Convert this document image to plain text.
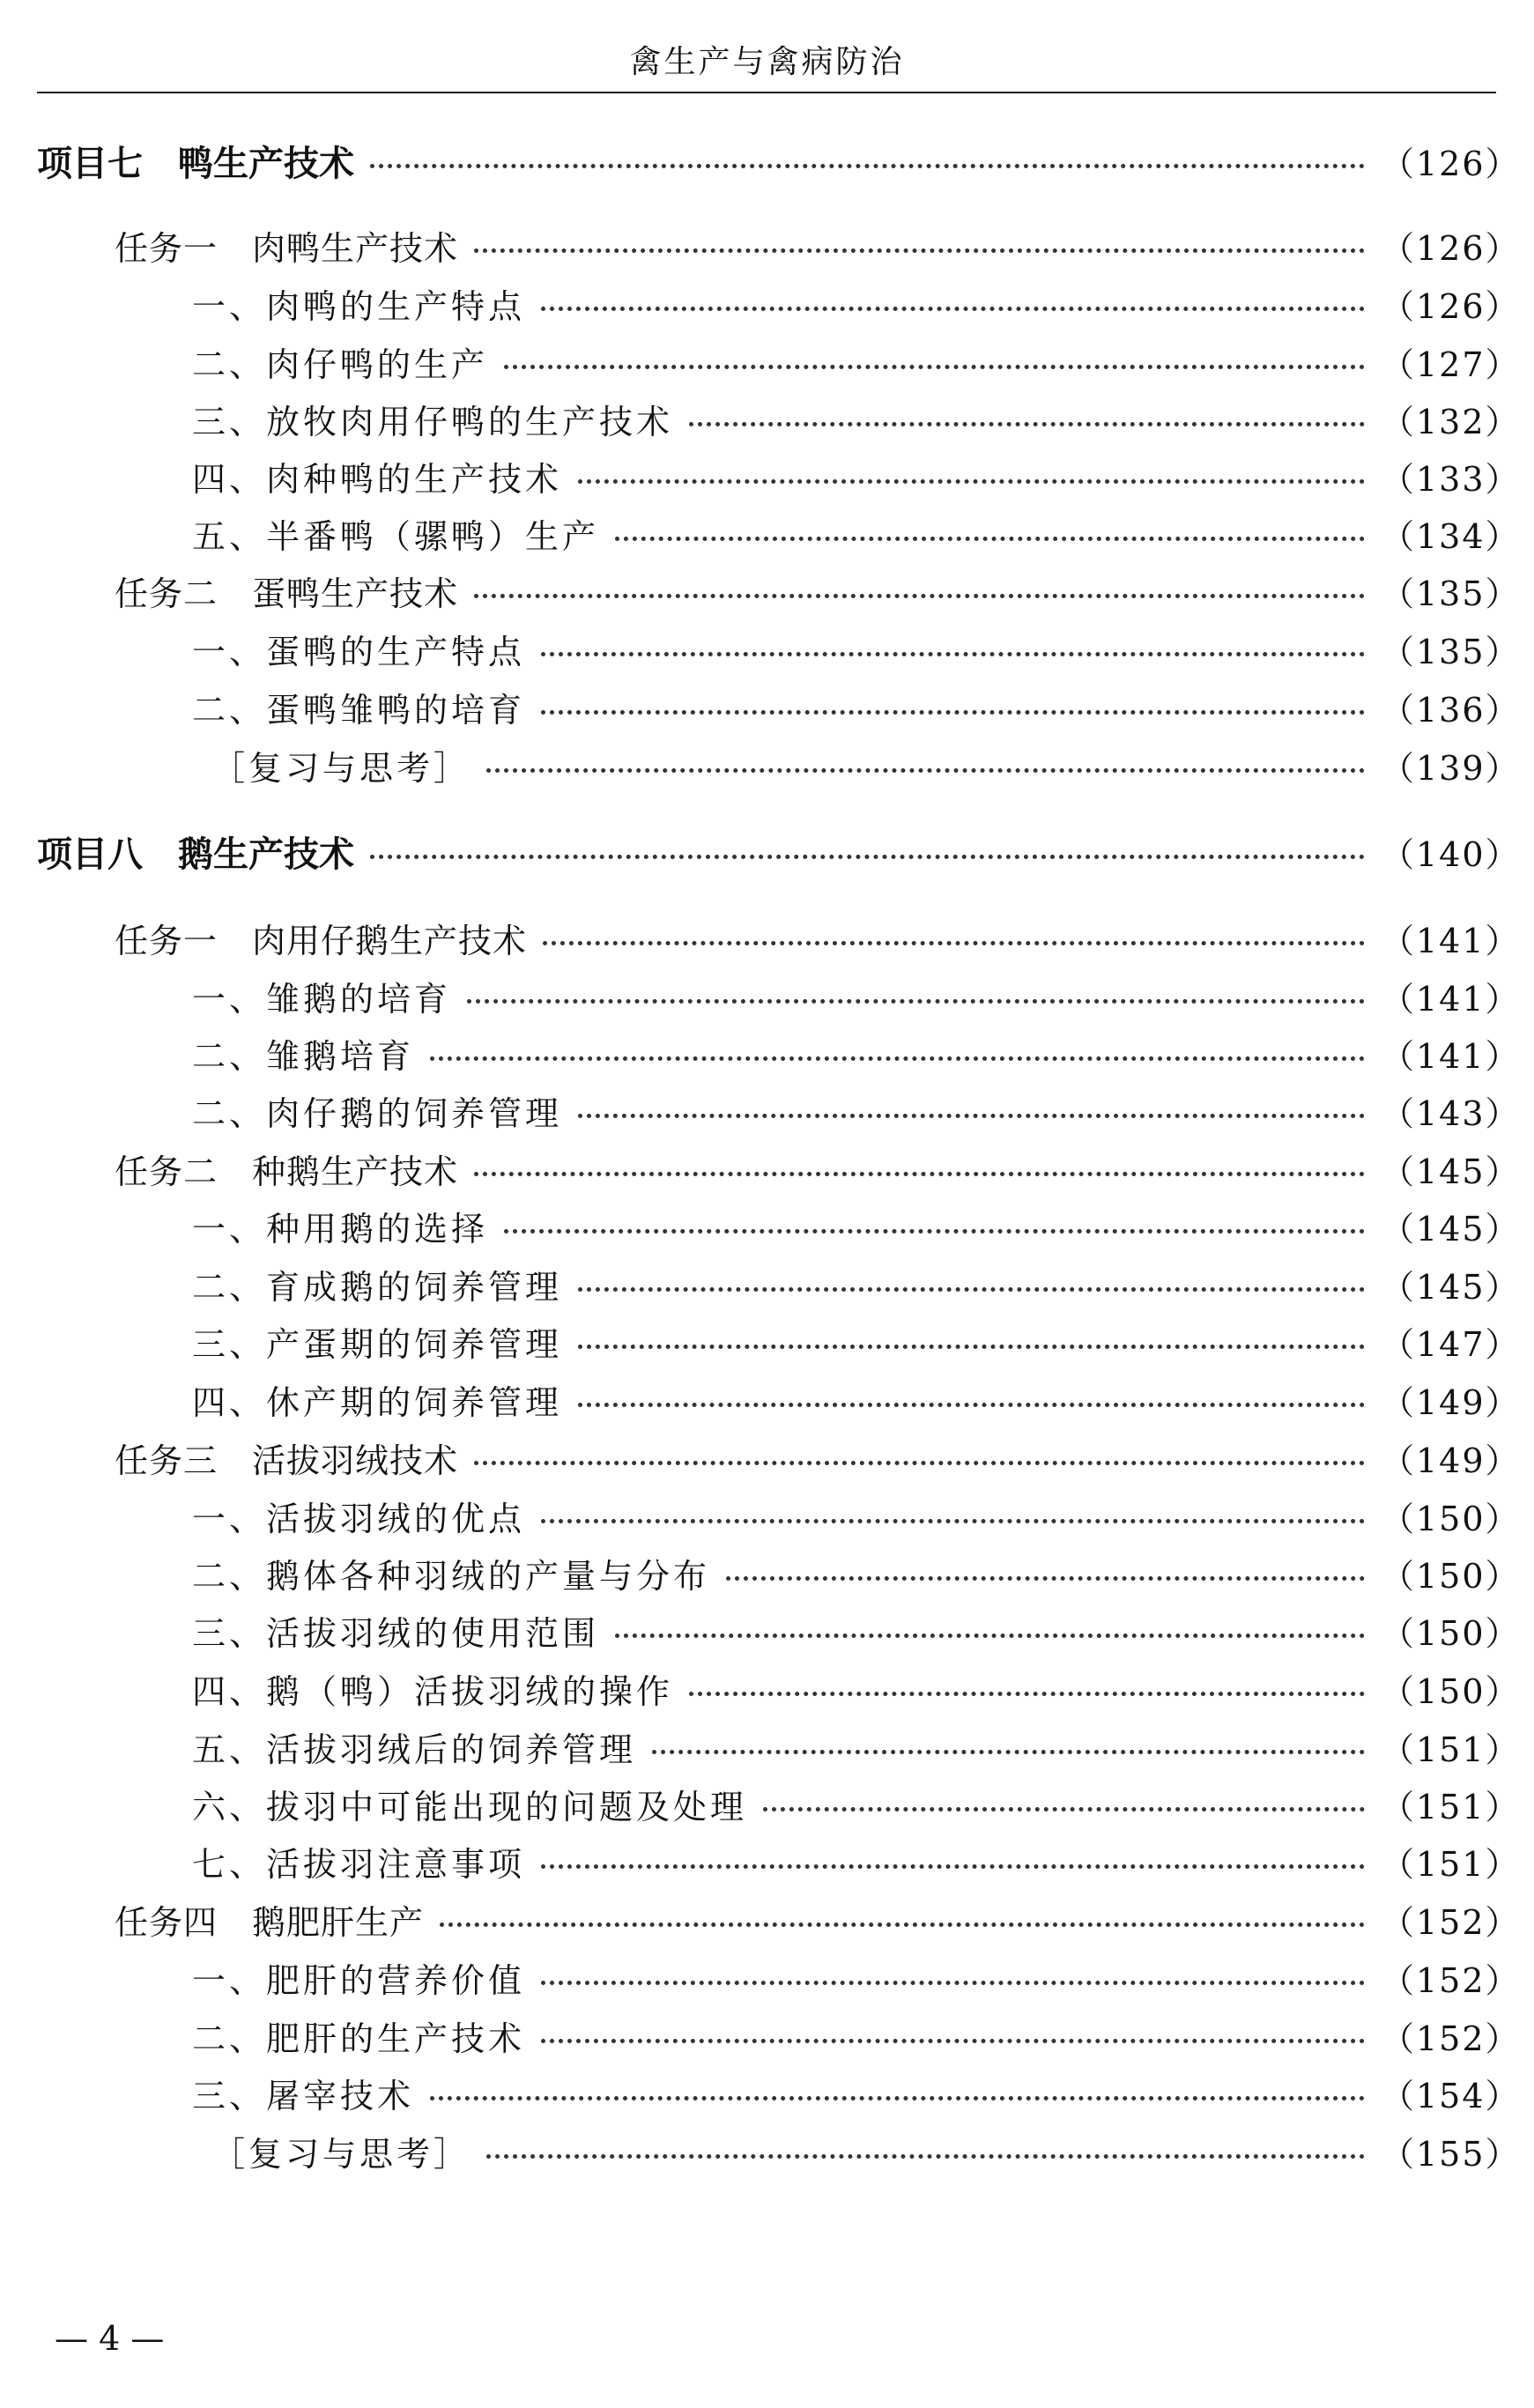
禽生产与禽病防治
项目七　鸭生产技术	（126）
任务一　肉鸭生产技术	（126）
一、肉鸭的生产特点	（126）
二、肉仔鸭的生产	（127）
三、放牧肉用仔鸭的生产技术	（132）
四、肉种鸭的生产技术	（133）
五、半番鸭（骡鸭）生产	（134）
任务二　蛋鸭生产技术	（135）
一、蛋鸭的生产特点	（135）
二、蛋鸭雏鸭的培育	（136）
［复习与思考］	（139）
项目八　鹅生产技术	（140）
任务一　肉用仔鹅生产技术	（141）
一、雏鹅的培育	（141）
二、雏鹅培育	（141）
二、肉仔鹅的饲养管理	（143）
任务二　种鹅生产技术	（145）
一、种用鹅的选择	（145）
二、育成鹅的饲养管理	（145）
三、产蛋期的饲养管理	（147）
四、休产期的饲养管理	（149）
任务三　活拔羽绒技术	（149）
一、活拔羽绒的优点	（150）
二、鹅体各种羽绒的产量与分布	（150）
三、活拔羽绒的使用范围	（150）
四、鹅（鸭）活拔羽绒的操作	（150）
五、活拔羽绒后的饲养管理	（151）
六、拔羽中可能出现的问题及处理	（151）
七、活拔羽注意事项	（151）
任务四　鹅肥肝生产	（152）
一、肥肝的营养价值	（152）
二、肥肝的生产技术	（152）
三、屠宰技术	（154）
［复习与思考］	（155）
— 4 —
